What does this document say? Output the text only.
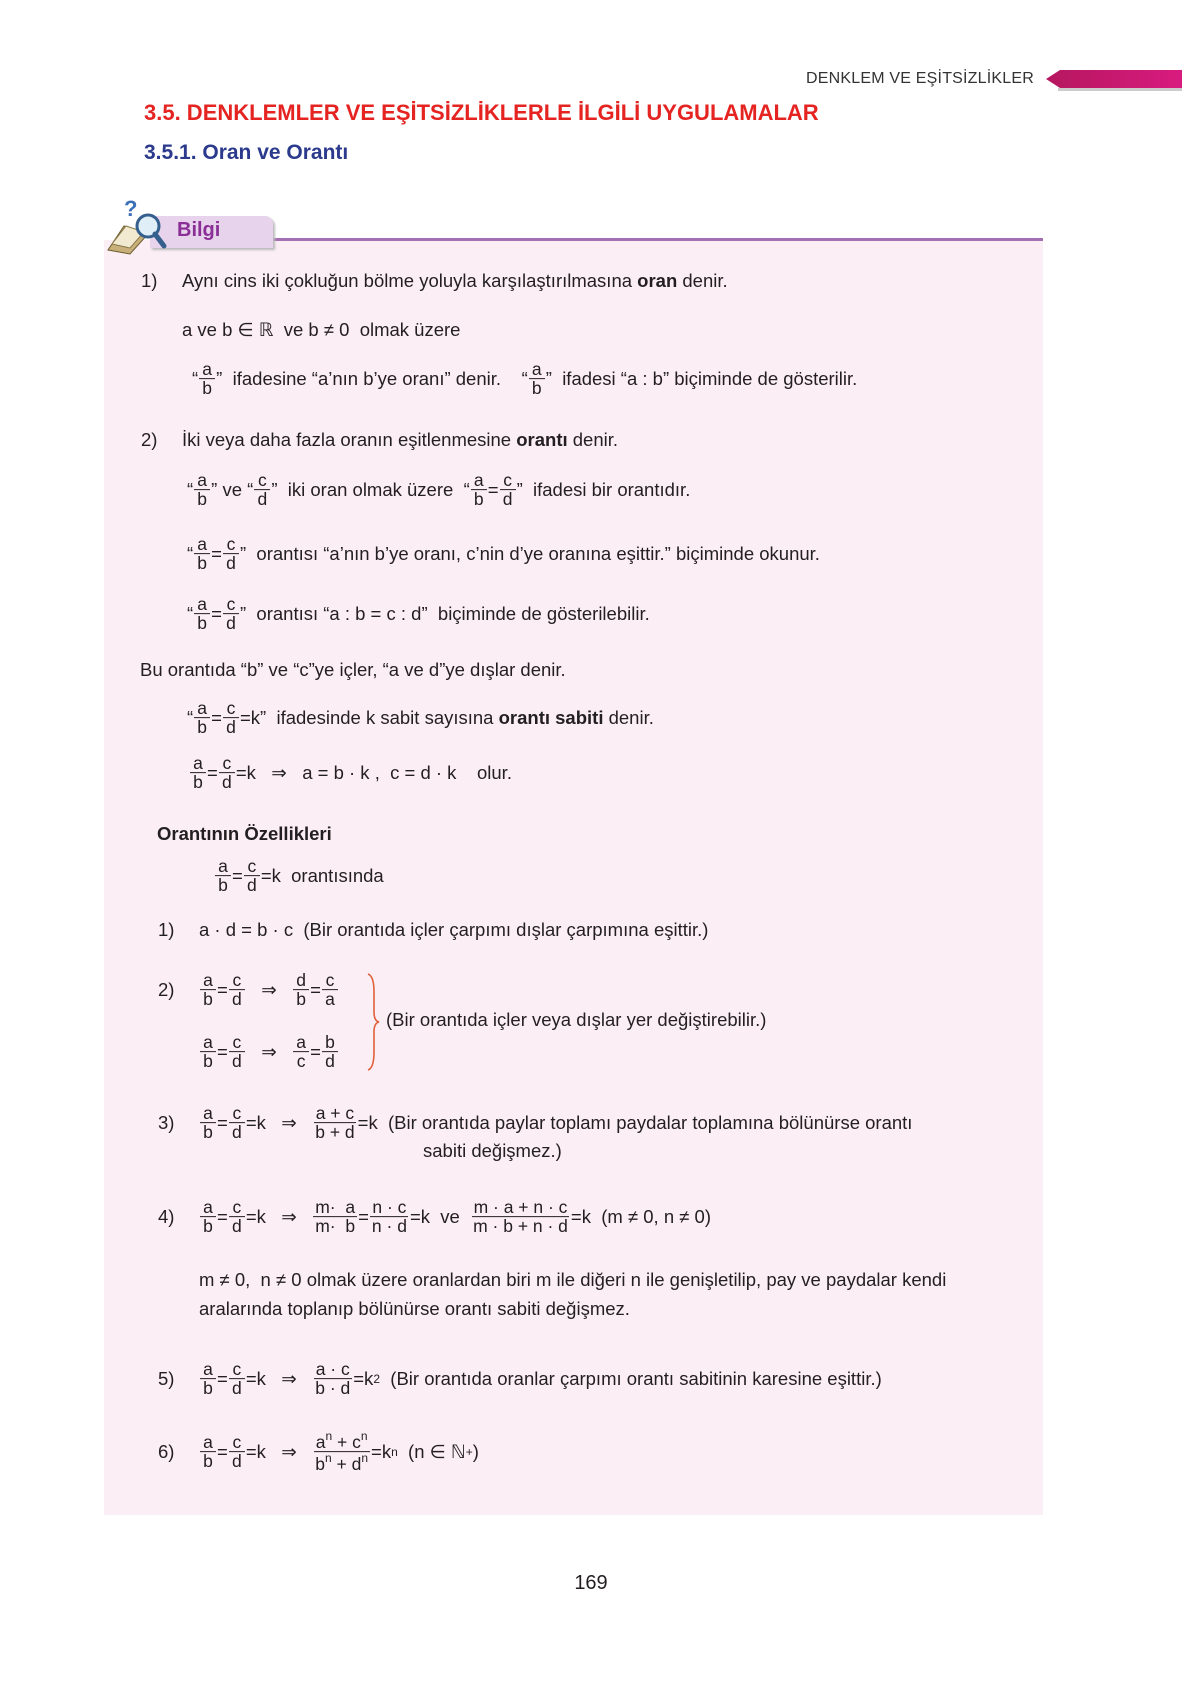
DENKLEM VE EŞİTSİZLİKLER
3.5. DENKLEMLER VE EŞİTSİZLİKLERLE İLGİLİ UYGULAMALAR
3.5.1. Oran ve Orantı
?
Bilgi
1)	Aynı cins iki çokluğun bölme yoluyla karşılaştırılmasına oran denir.
a ve b ∈ ℝ  ve b ≠ 0  olmak üzere
“ $\frac{a}{b}$ ”  ifadesine “a’nın b’ye oranı” denir.    “ $\frac{a}{b}$ ”  ifadesi “a : b” biçiminde de gösterilir.
2)	İki veya daha fazla oranın eşitlenmesine orantı denir.
“ $\frac{a}{b}$ ” ve “ $\frac{c}{d}$ ”  iki oran olmak üzere  “ $\frac{a}{b} = \frac{c}{d}$ ”  ifadesi bir orantıdır.
“ $\frac{a}{b} = \frac{c}{d}$ ”  orantısı “a’nın b’ye oranı, c’nin d’ye oranına eşittir.” biçiminde okunur.
“ $\frac{a}{b} = \frac{c}{d}$ ”  orantısı “a : b = c : d”  biçiminde de gösterilebilir.
Bu orantıda “b” ve “c”ye içler, “a ve d”ye dışlar denir.
“ $\frac{a}{b} = \frac{c}{d} =k$”  ifadesinde k sabit sayısına orantı sabiti denir.
$\frac{a}{b} = \frac{c}{d} =k$   ⇒   a = b · k ,  c = d · k    olur.
Orantının Özellikleri
$\frac{a}{b} = \frac{c}{d} =k$  orantısında
1)	a · d = b · c  (Bir orantıda içler çarpımı dışlar çarpımına eşittir.)
2)	$\frac{a}{b} = \frac{c}{d}$ ⇒ $\frac{d}{b} = \frac{c}{a}$
$\frac{a}{b} = \frac{c}{d}$ ⇒ $\frac{a}{c} = \frac{b}{d}$
(Bir orantıda içler veya dışlar yer değiştirebilir.)
3)	$\frac{a}{b} = \frac{c}{d} =k$   ⇒ $\frac{a + c}{b + d} =k$  (Bir orantıda paylar toplamı paydalar toplamına bölünürse orantı
sabiti değişmez.)
4)	$\frac{a}{b} = \frac{c}{d} =k$   ⇒ $\frac{m\cdot a}{m\cdot b} = \frac{n \cdot c}{n \cdot d} =k$  ve $\frac{m \cdot a + n \cdot c}{m \cdot b + n \cdot d} =k$  (m ≠ 0, n ≠ 0)
m ≠ 0,  n ≠ 0 olmak üzere oranlardan biri m ile diğeri n ile genişletilip, pay ve paydalar kendi
aralarında toplanıp bölünürse orantı sabiti değişmez.
5)	$\frac{a}{b} = \frac{c}{d} =k$   ⇒ $\frac{a \cdot c}{b \cdot d} =k$ 2 (Bir orantıda oranlar çarpımı orantı sabitinin karesine eşittir.)
6)	$\frac{a}{b} = \frac{c}{d} =k$   ⇒ $\frac{a^n + c^n}{b^n + d^n} =k$ n (n ∈ ℕ + )
169
